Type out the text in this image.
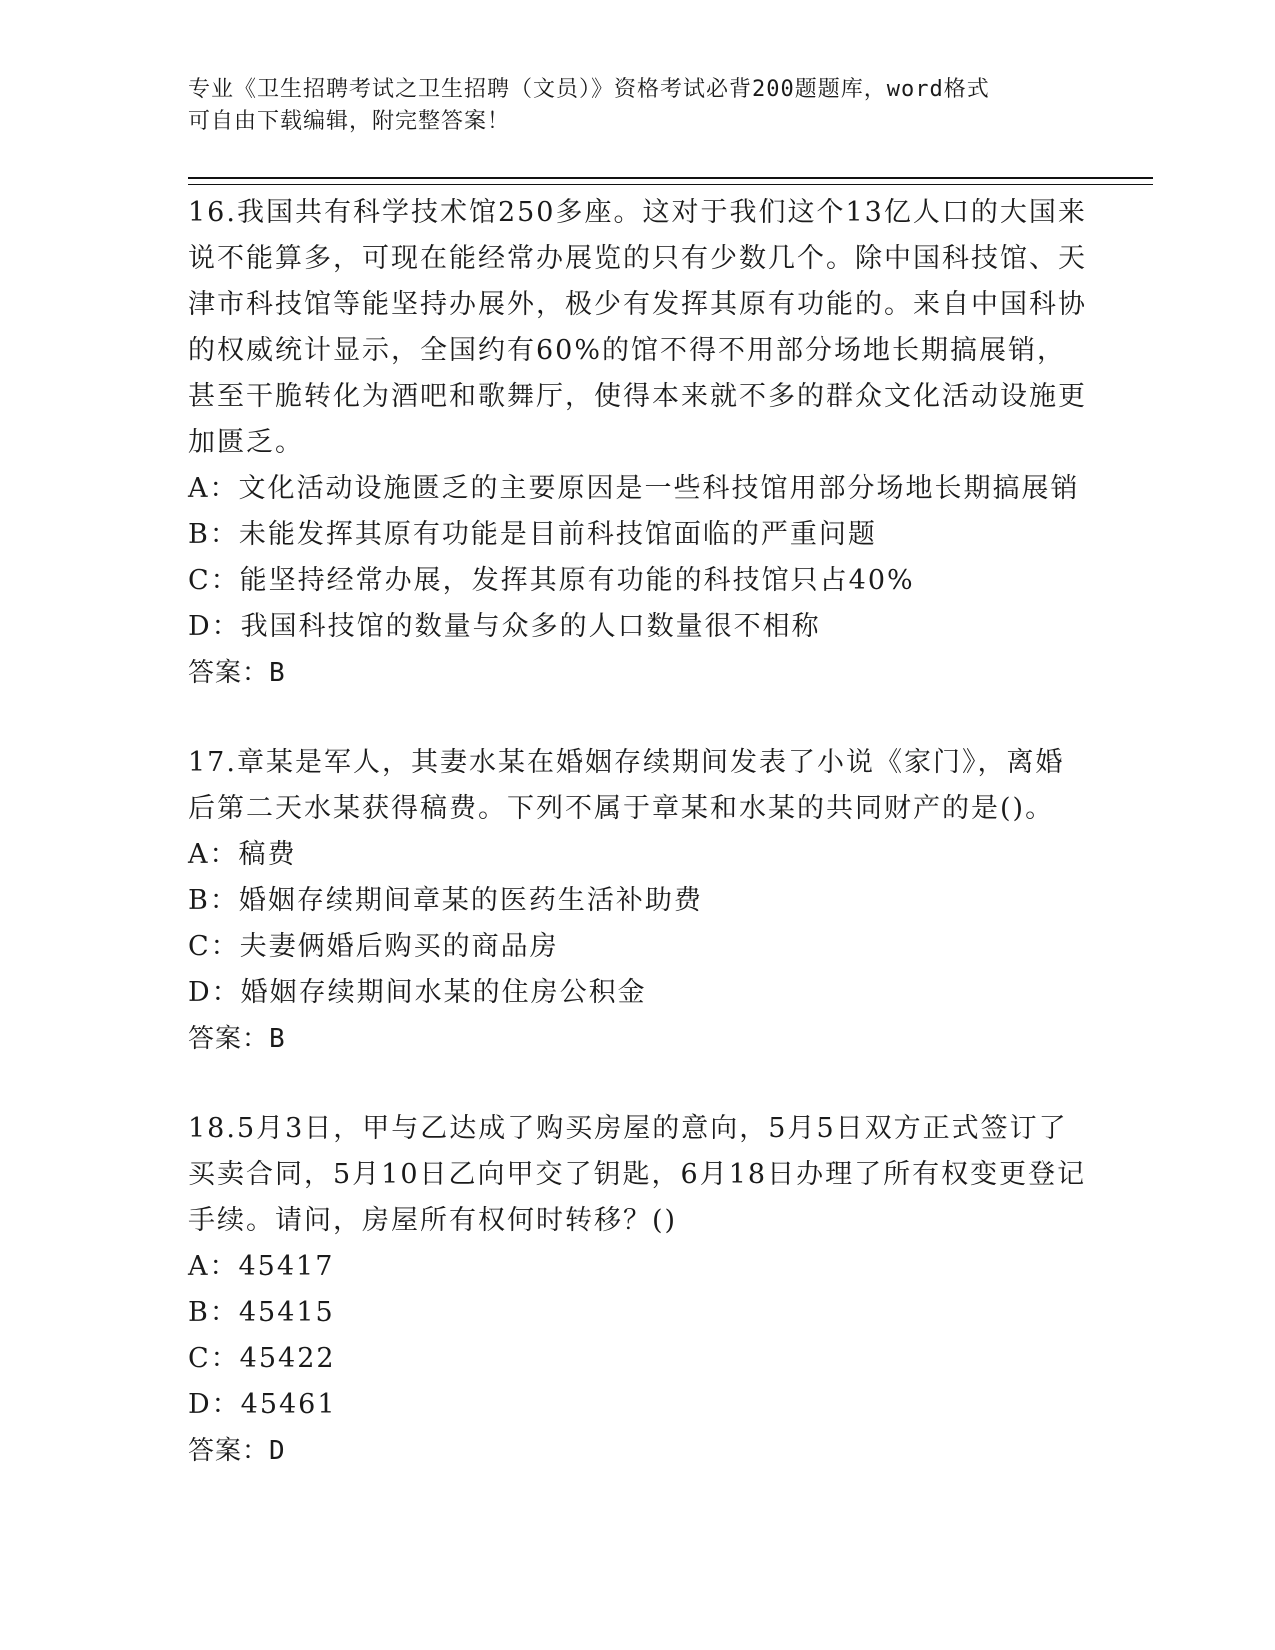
专业《卫生招聘考试之卫生招聘（文员）》资格考试必背200题题库，word格式
可自由下载编辑，附完整答案！

16.我国共有科学技术馆250多座。这对于我们这个13亿人口的大国来说不能算多，可现在能经常办展览的只有少数几个。除中国科技馆、天津市科技馆等能坚持办展外，极少有发挥其原有功能的。来自中国科协的权威统计显示，全国约有60%的馆不得不用部分场地长期搞展销，甚至干脆转化为酒吧和歌舞厅，使得本来就不多的群众文化活动设施更加匮乏。

A：文化活动设施匮乏的主要原因是一些科技馆用部分场地长期搞展销

B：未能发挥其原有功能是目前科技馆面临的严重问题

C：能坚持经常办展，发挥其原有功能的科技馆只占40%

D：我国科技馆的数量与众多的人口数量很不相称

答案：B

17.章某是军人，其妻水某在婚姻存续期间发表了小说《家门》，离婚后第二天水某获得稿费。下列不属于章某和水某的共同财产的是()。

A：稿费

B：婚姻存续期间章某的医药生活补助费

C：夫妻俩婚后购买的商品房

D：婚姻存续期间水某的住房公积金

答案：B

18.5月3日，甲与乙达成了购买房屋的意向，5月5日双方正式签订了买卖合同，5月10日乙向甲交了钥匙，6月18日办理了所有权变更登记手续。请问，房屋所有权何时转移？()

A：45417

B：45415

C：45422

D：45461

答案：D
